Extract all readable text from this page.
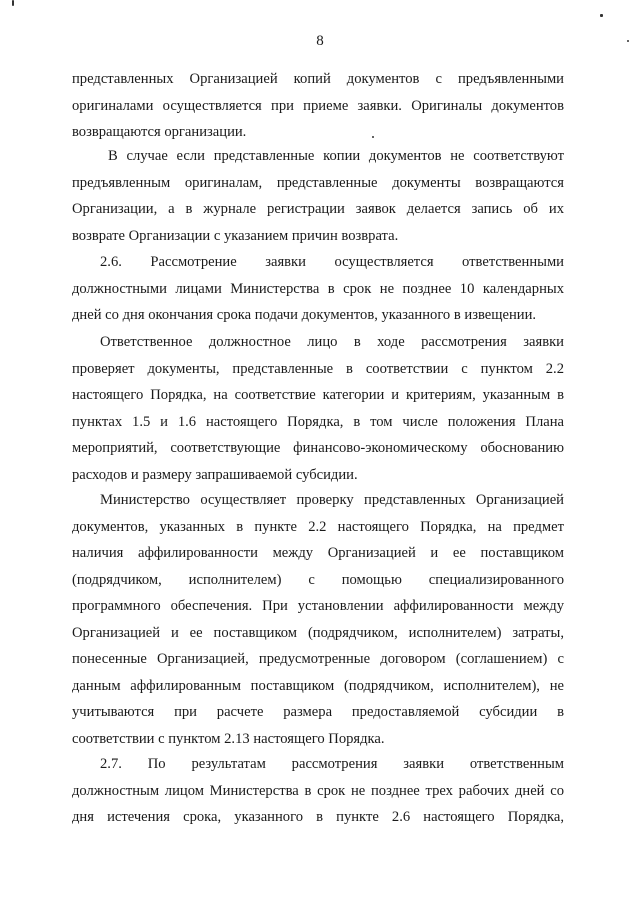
8
представленных Организацией копий документов с предъявленными
оригиналами осуществляется при приеме заявки. Оригиналы документов
возвращаются организации.
В случае если представленные копии документов не соответствуют
предъявленным оригиналам, представленные документы возвращаются
Организации, а в журнале регистрации заявок делается запись об их
возврате Организации с указанием причин возврата.
2.6. Рассмотрение заявки осуществляется ответственными
должностными лицами Министерства в срок не позднее 10 календарных
дней со дня окончания срока подачи документов, указанного в извещении.
Ответственное должностное лицо в ходе рассмотрения заявки
проверяет документы, представленные в соответствии с пунктом 2.2
настоящего Порядка, на соответствие категории и критериям, указанным в
пунктах 1.5 и 1.6 настоящего Порядка, в том числе положения Плана
мероприятий, соответствующие финансово-экономическому обоснованию
расходов и размеру запрашиваемой субсидии.
Министерство осуществляет проверку представленных Организацией
документов, указанных в пункте 2.2 настоящего Порядка, на предмет
наличия аффилированности между Организацией и ее поставщиком
(подрядчиком, исполнителем) с помощью специализированного
программного обеспечения. При установлении аффилированности между
Организацией и ее поставщиком (подрядчиком, исполнителем) затраты,
понесенные Организацией, предусмотренные договором (соглашением) с
данным аффилированным поставщиком (подрядчиком, исполнителем), не
учитываются при расчете размера предоставляемой субсидии в
соответствии с пунктом 2.13 настоящего Порядка.
2.7. По результатам рассмотрения заявки ответственным
должностным лицом Министерства в срок не позднее трех рабочих дней со
дня истечения срока, указанного в пункте 2.6 настоящего Порядка,
